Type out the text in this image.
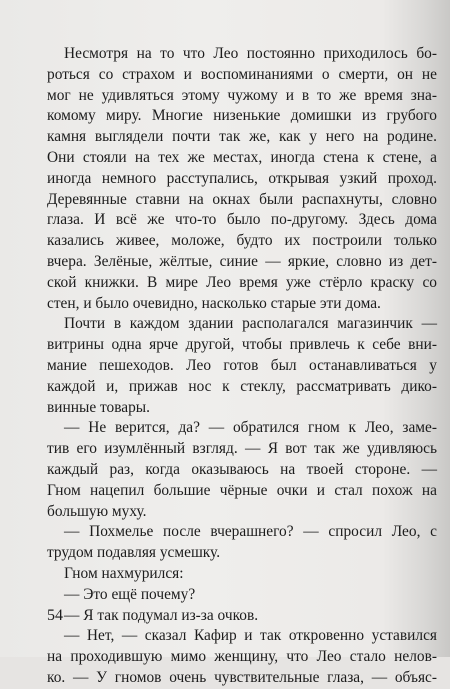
Несмотря на то что Лео постоянно приходилось бо-
роться со страхом и воспоминаниями о смерти, он не
мог не удивляться этому чужому и в то же время зна-
комому миру. Многие низенькие домишки из грубого
камня выглядели почти так же, как у него на родине.
Они стояли на тех же местах, иногда стена к стене, а
иногда немного расступались, открывая узкий проход.
Деревянные ставни на окнах были распахнуты, словно
глаза. И всё же что-то было по-другому. Здесь дома
казались живее, моложе, будто их построили только
вчера. Зелёные, жёлтые, синие — яркие, словно из дет-
ской книжки. В мире Лео время уже стёрло краску со
стен, и было очевидно, насколько старые эти дома.
Почти в каждом здании располагался магазинчик —
витрины одна ярче другой, чтобы привлечь к себе вни-
мание пешеходов. Лео готов был останавливаться у
каждой и, прижав нос к стеклу, рассматривать дико-
винные товары.
— Не верится, да? — обратился гном к Лео, заме-
тив его изумлённый взгляд. — Я вот так же удивляюсь
каждый раз, когда оказываюсь на твоей стороне. —
Гном нацепил большие чёрные очки и стал похож на
большую муху.
— Похмелье после вчерашнего? — спросил Лео, с
трудом подавляя усмешку.
Гном нахмурился:
— Это ещё почему?
— Я так подумал из-за очков.
— Нет, — сказал Кафир и так откровенно уставился
на проходившую мимо женщину, что Лео стало нелов-
ко. — У гномов очень чувствительные глаза, — объяс-
54
